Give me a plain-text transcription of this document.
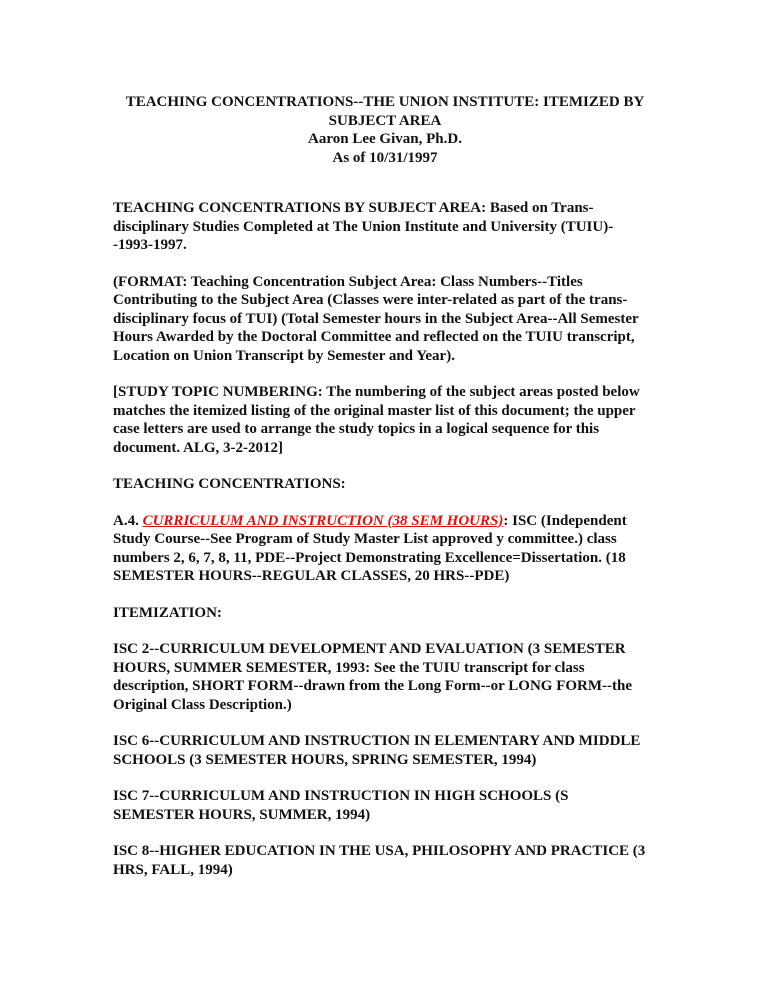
TEACHING CONCENTRATIONS--THE UNION INSTITUTE: ITEMIZED BY
SUBJECT AREA
Aaron Lee Givan, Ph.D.
As of 10/31/1997

TEACHING CONCENTRATIONS BY SUBJECT AREA: Based on Trans-disciplinary Studies Completed at The Union Institute and University (TUIU)--1993-1997.

(FORMAT: Teaching Concentration Subject Area: Class Numbers--Titles Contributing to the Subject Area (Classes were inter-related as part of the trans-disciplinary focus of TUI) (Total Semester hours in the Subject Area--All Semester Hours Awarded by the Doctoral Committee and reflected on the TUIU transcript, Location on Union Transcript by Semester and Year).

[STUDY TOPIC NUMBERING: The numbering of the subject areas posted below matches the itemized listing of the original master list of this document; the upper case letters are used to arrange the study topics in a logical sequence for this document. ALG, 3-2-2012]

TEACHING CONCENTRATIONS:

A.4. CURRICULUM AND INSTRUCTION (38 SEM HOURS): ISC (Independent Study Course--See Program of Study Master List approved y committee.) class numbers 2, 6, 7, 8, 11, PDE--Project Demonstrating Excellence=Dissertation. (18 SEMESTER HOURS--REGULAR CLASSES, 20 HRS--PDE)

ITEMIZATION:

ISC 2--CURRICULUM DEVELOPMENT AND EVALUATION (3 SEMESTER HOURS, SUMMER SEMESTER, 1993: See the TUIU transcript for class description, SHORT FORM--drawn from the Long Form--or LONG FORM--the Original Class Description.)

ISC 6--CURRICULUM AND INSTRUCTION IN ELEMENTARY AND MIDDLE SCHOOLS (3 SEMESTER HOURS, SPRING SEMESTER, 1994)

ISC 7--CURRICULUM AND INSTRUCTION IN HIGH SCHOOLS (S SEMESTER HOURS, SUMMER, 1994)

ISC 8--HIGHER EDUCATION IN THE USA, PHILOSOPHY AND PRACTICE (3 HRS, FALL, 1994)
